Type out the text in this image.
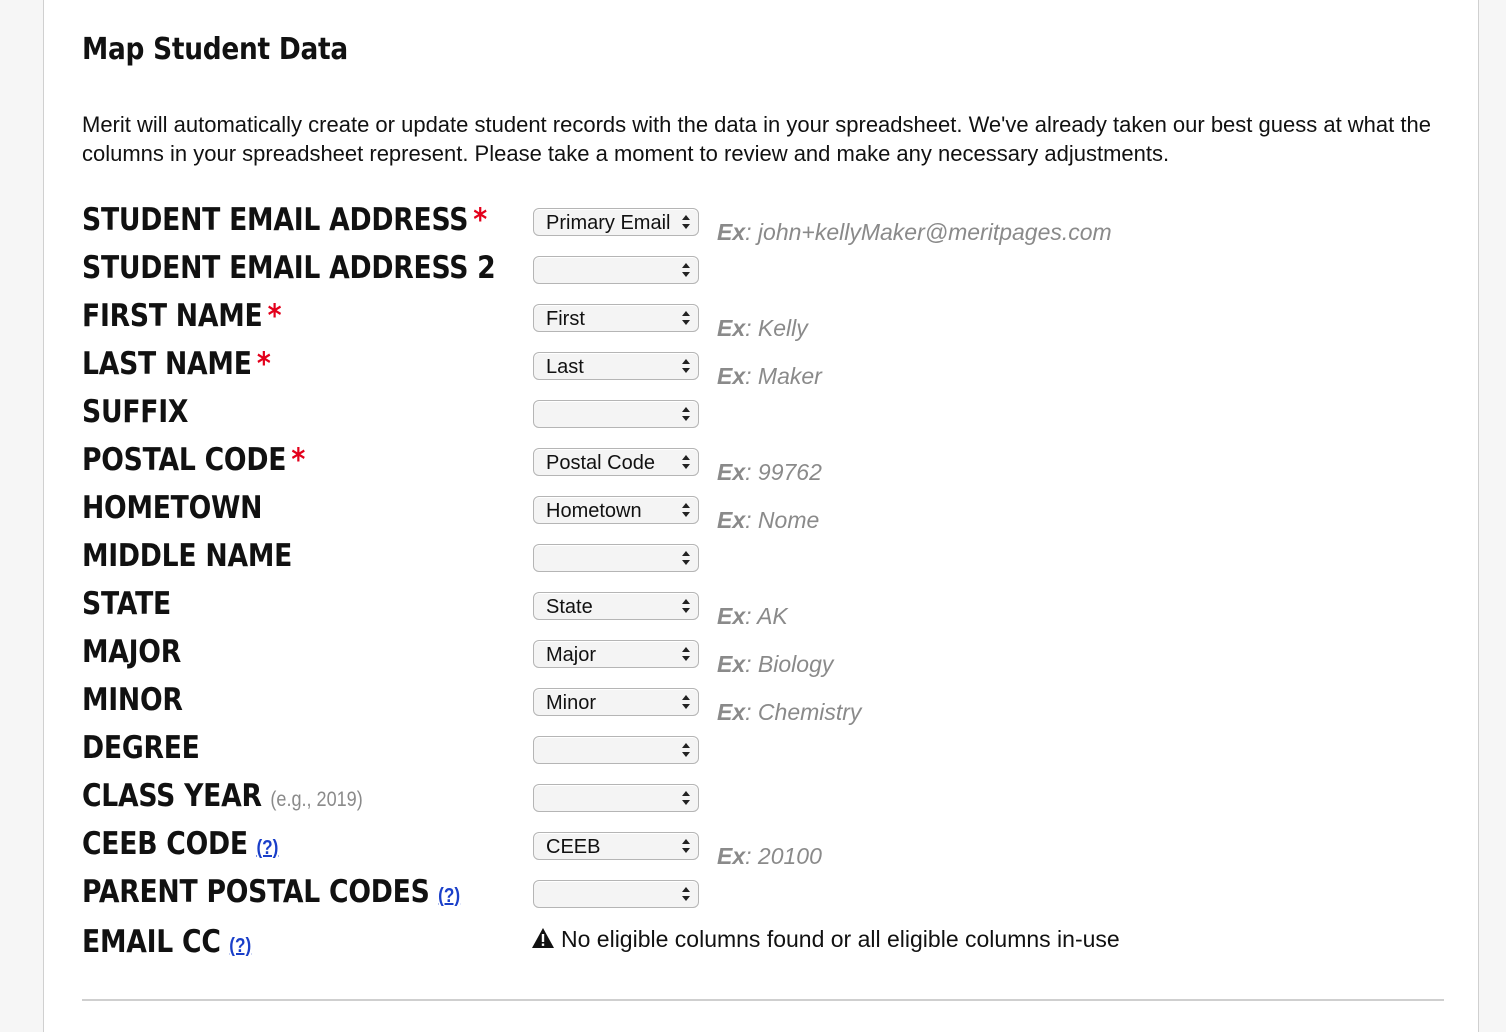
Map Student Data
Merit will automatically create or update student records with the data in your spreadsheet. We've already taken our best guess at what the columns in your spreadsheet represent. Please take a moment to review and make any necessary adjustments.
STUDENT EMAIL ADDRESS *	Primary Email Ex: john+kellyMaker@meritpages.com
STUDENT EMAIL ADDRESS 2
FIRST NAME *	First	Ex: Kelly
LAST NAME *	Last	Ex: Maker
SUFFIX
POSTAL CODE *	Postal Code	Ex: 99762
HOMETOWN	Hometown	Ex: Nome
MIDDLE NAME
STATE	State	Ex: AK
MAJOR	Major	Ex: Biology
MINOR	Minor	Ex: Chemistry
DEGREE
CLASS YEAR (e.g., 2019)
CEEB CODE (?)	CEEB	Ex: 20100
PARENT POSTAL CODES (?)
EMAIL CC (?)	No eligible columns found or all eligible columns in-use
